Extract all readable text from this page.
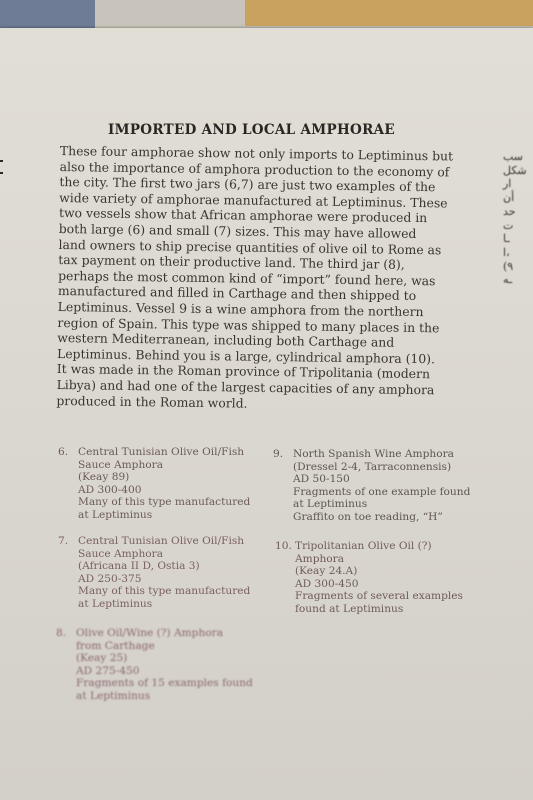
IMPORTED AND LOCAL AMPHORAE
These four amphorae show not only imports to Leptiminus but
also the importance of amphora production to the economy of
the city. The first two jars (6,7) are just two examples of the
wide variety of amphorae manufactured at Leptiminus. These
two vessels show that African amphorae were produced in
both large (6) and small (7) sizes. This may have allowed
land owners to ship precise quantities of olive oil to Rome as
tax payment on their productive land. The third jar (8),
perhaps the most common kind of “import” found here, was
manufactured and filled in Carthage and then shipped to
Leptiminus. Vessel 9 is a wine amphora from the northern
region of Spain. This type was shipped to many places in the
western Mediterranean, including both Carthage and
Leptiminus. Behind you is a large, cylindrical amphora (10).
It was made in the Roman province of Tripolitania (modern
Libya) and had one of the largest capacities of any amphora
produced in the Roman world.
6. Central Tunisian Olive Oil/Fish
Sauce Amphora
(Keay 89)
AD 300-400
Many of this type manufactured
at Leptiminus
7. Central Tunisian Olive Oil/Fish
Sauce Amphora
(Africana II D, Ostia 3)
AD 250-375
Many of this type manufactured
at Leptiminus
8. Olive Oil/Wine (?) Amphora
from Carthage
(Keay 25)
AD 275-450
Fragments of 15 examples found
at Leptiminus
9. North Spanish Wine Amphora
(Dressel 2-4, Tarraconnensis)
AD 50-150
Fragments of one example found
at Leptiminus
Graffito on toe reading, “H”
10. Tripolitanian Olive Oil (?)
Amphora
(Keay 24.A)
AD 300-450
Fragments of several examples
found at Leptiminus
سب
شكل
ار
أن
حد
ت
ـا
ا،
(٩
ـه
